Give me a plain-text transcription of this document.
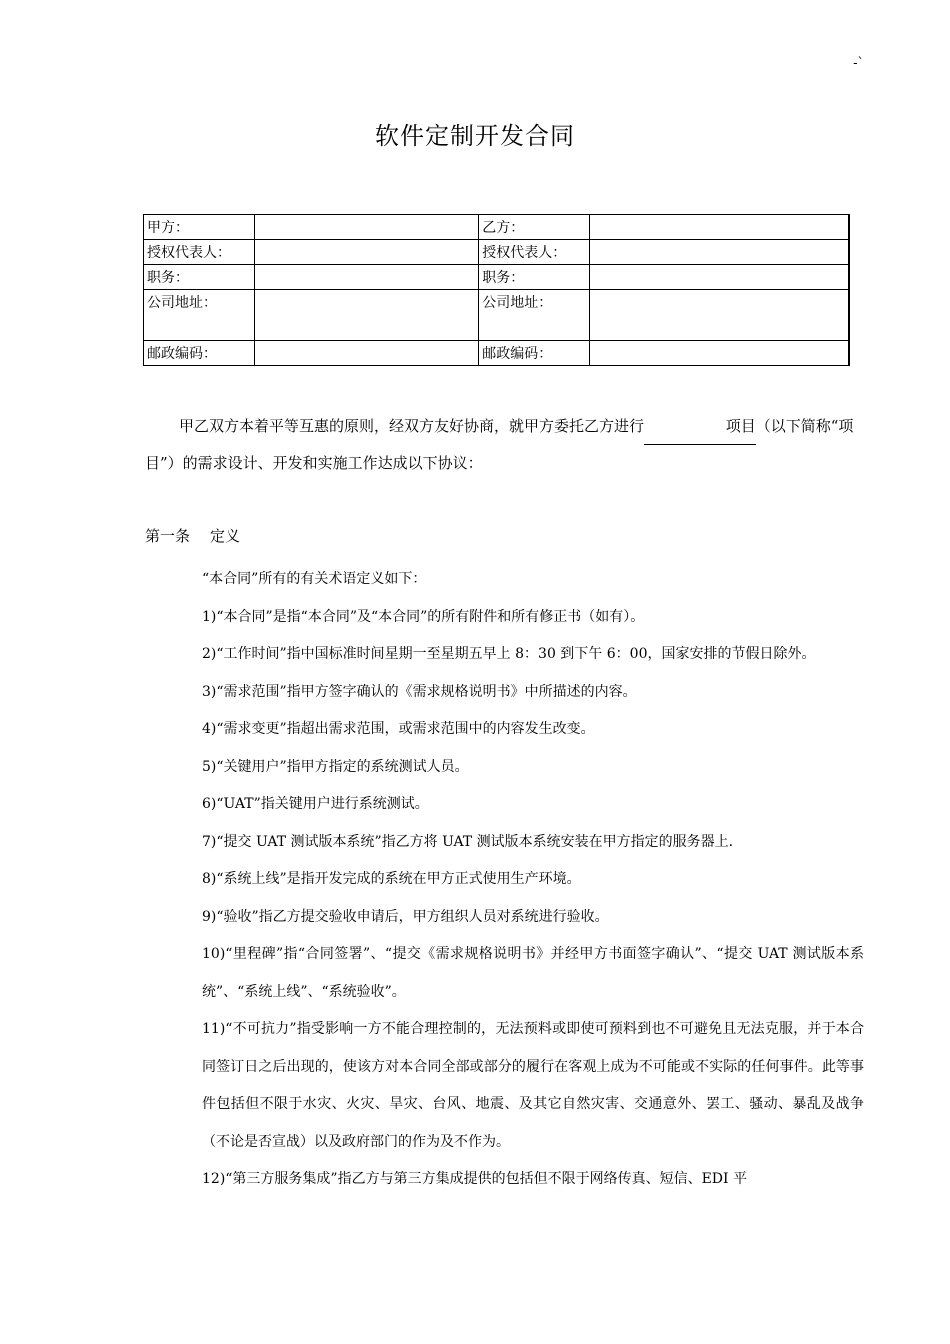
-`
软件定制开发合同
甲方：		乙方：	
授权代表人：		授权代表人：	
职务：		职务：	
公司地址：		公司地址：	
邮政编码：		邮政编码：	
甲乙双方本着平等互惠的原则，经双方友好协商，就甲方委托乙方进行	项目（以下简称“项目”）的需求设计、开发和实施工作达成以下协议：
第一条 定义

“本合同”所有的有关术语定义如下：

1)“本合同”是指“本合同”及“本合同”的所有附件和所有修正书（如有）。

2)“工作时间”指中国标准时间星期一至星期五早上 8：30 到下午 6：00，国家安排的节假日除外。

3)“需求范围”指甲方签字确认的《需求规格说明书》中所描述的内容。

4)“需求变更”指超出需求范围，或需求范围中的内容发生改变。

5)“关键用户”指甲方指定的系统测试人员。

6)“UAT”指关键用户进行系统测试。

7)“提交 UAT 测试版本系统”指乙方将 UAT 测试版本系统安装在甲方指定的服务器上.

8)“系统上线”是指开发完成的系统在甲方正式使用生产环境。

9)“验收”指乙方提交验收申请后，甲方组织人员对系统进行验收。

10)“里程碑”指“合同签署”、“提交《需求规格说明书》并经甲方书面签字确认”、“提交 UAT 测试版本系统”、“系统上线”、“系统验收”。

11)“不可抗力”指受影响一方不能合理控制的，无法预料或即使可预料到也不可避免且无法克服，并于本合同签订日之后出现的，使该方对本合同全部或部分的履行在客观上成为不可能或不实际的任何事件。此等事件包括但不限于水灾、火灾、旱灾、台风、地震、及其它自然灾害、交通意外、罢工、骚动、暴乱及战争（不论是否宣战）以及政府部门的作为及不作为。

12)“第三方服务集成”指乙方与第三方集成提供的包括但不限于网络传真、短信、EDI 平
